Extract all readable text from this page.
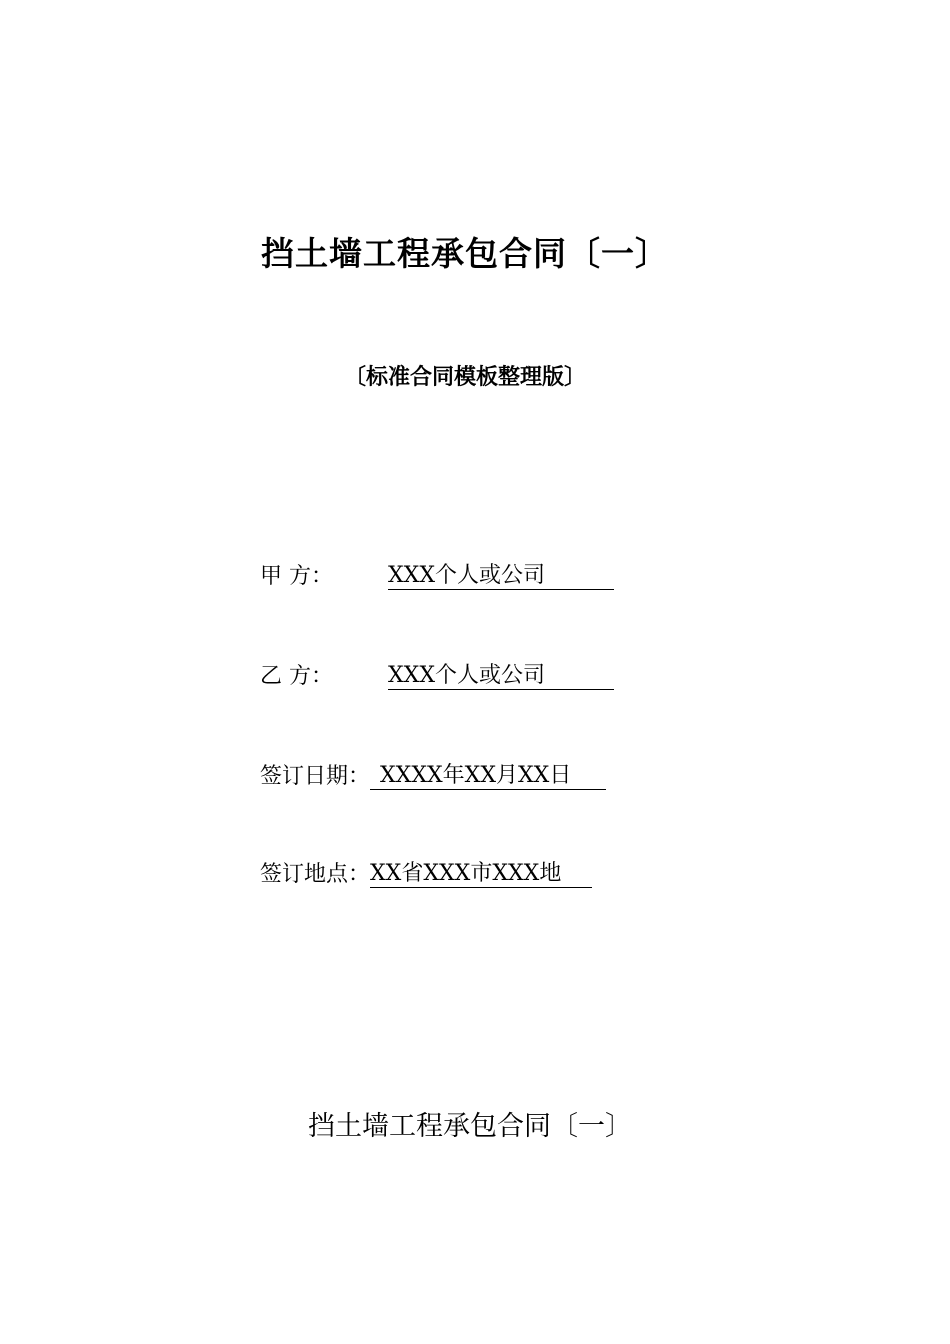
挡土墙工程承包合同〔一〕
〔标准合同模板整理版〕
甲 方：	XXX个人或公司
乙 方：	XXX个人或公司
签订日期： XXXX年XX月XX日
签订地点： XX省XXX市XXX地
挡土墙工程承包合同〔一〕
